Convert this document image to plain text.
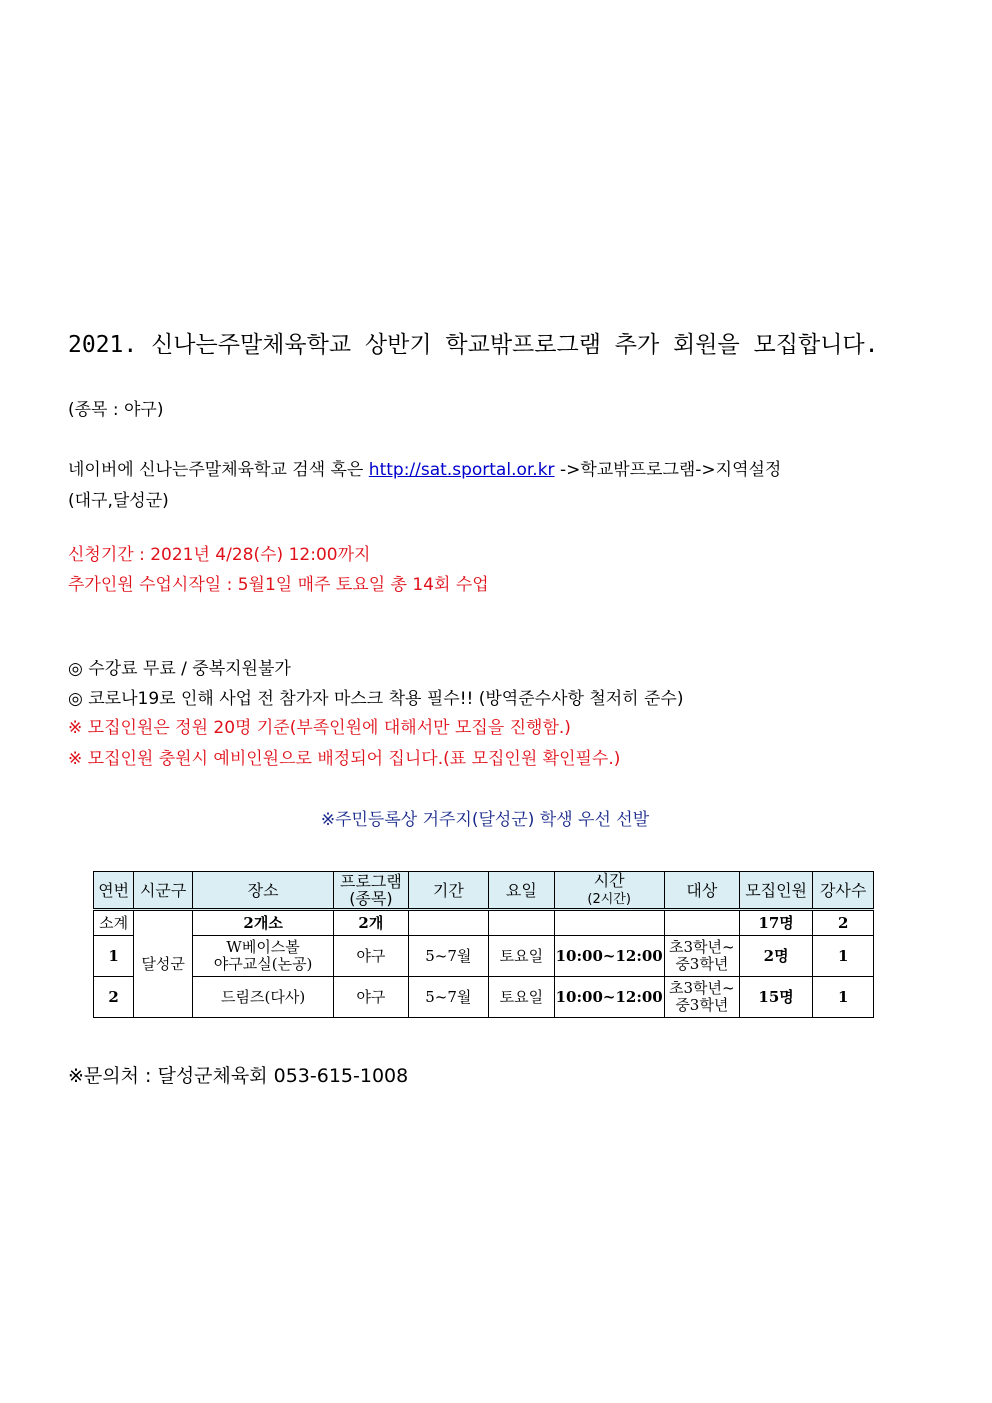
2021. 신나는주말체육학교 상반기 학교밖프로그램 추가 회원을 모집합니다.
(종목 : 야구)
네이버에 신나는주말체육학교 검색 혹은 http://sat.sportal.or.kr ->학교밖프로그램->지역설정
(대구,달성군)
신청기간 : 2021년 4/28(수) 12:00까지
추가인원 수업시작일 : 5월1일 매주 토요일 총 14회 수업
◎ 수강료 무료 / 중복지원불가
◎ 코로나19로 인해 사업 전 참가자 마스크 착용 필수!! (방역준수사항 철저히 준수)
※ 모집인원은 정원 20명 기준(부족인원에 대해서만 모집을 진행함.)
※ 모집인원 충원시 예비인원으로 배정되어 집니다.(표 모집인원 확인필수.)
※주민등록상 거주지(달성군) 학생 우선 선발
연번	시군구	장소	프로그램
(종목)	기간	요일	시간
(2시간)	대상	모집인원	강사수
소계	달성군	2개소	2개					17명	2
1		W베이스볼
야구교실(논공)	야구	5~7월	토요일	10:00~12:00	초3학년~
중3학년	2명	1
2		드림즈(다사)	야구	5~7월	토요일	10:00~12:00	초3학년~
중3학년	15명	1
※문의처 : 달성군체육회 053-615-1008
